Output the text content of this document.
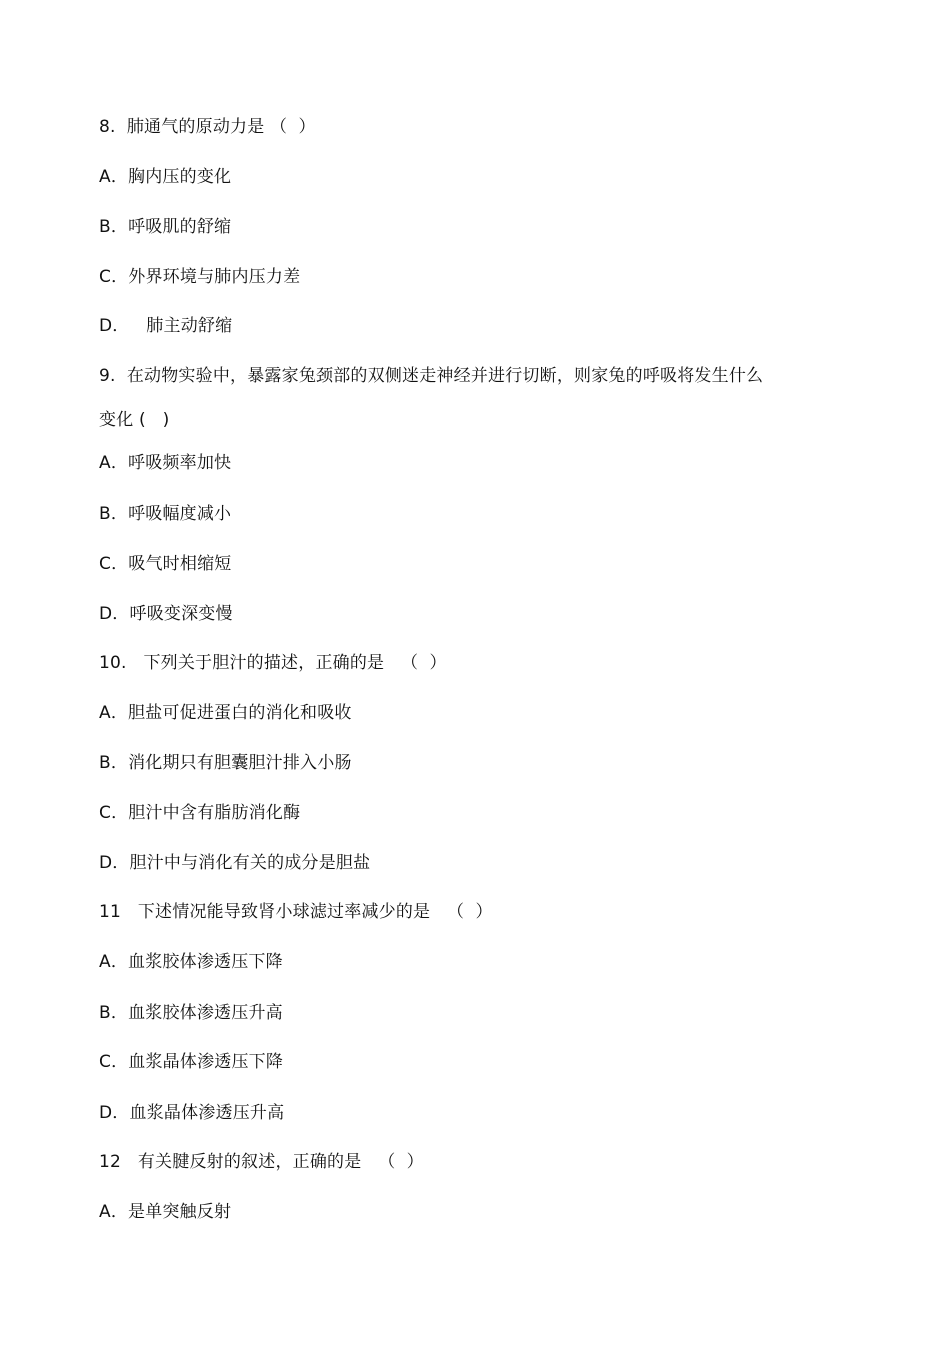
8.  肺通气的原动力是 （  ）
A．胸内压的变化
B．呼吸肌的舒缩
C．外界环境与肺内压力差
D．   肺主动舒缩
9.  在动物实验中，暴露家兔颈部的双侧迷走神经并进行切断，则家兔的呼吸将发生什么
变化 (   )
A．呼吸频率加快
B．呼吸幅度减小
C．吸气时相缩短
D．呼吸变深变慢
10.   下列关于胆汁的描述，正确的是   （  ）
A．胆盐可促进蛋白的消化和吸收
B．消化期只有胆囊胆汁排入小肠
C．胆汁中含有脂肪消化酶
D．胆汁中与消化有关的成分是胆盐
11   下述情况能导致肾小球滤过率减少的是   （  ）
A．血浆胶体渗透压下降
B．血浆胶体渗透压升高
C．血浆晶体渗透压下降
D．血浆晶体渗透压升高
12   有关腱反射的叙述，正确的是   （  ）
A．是单突触反射
